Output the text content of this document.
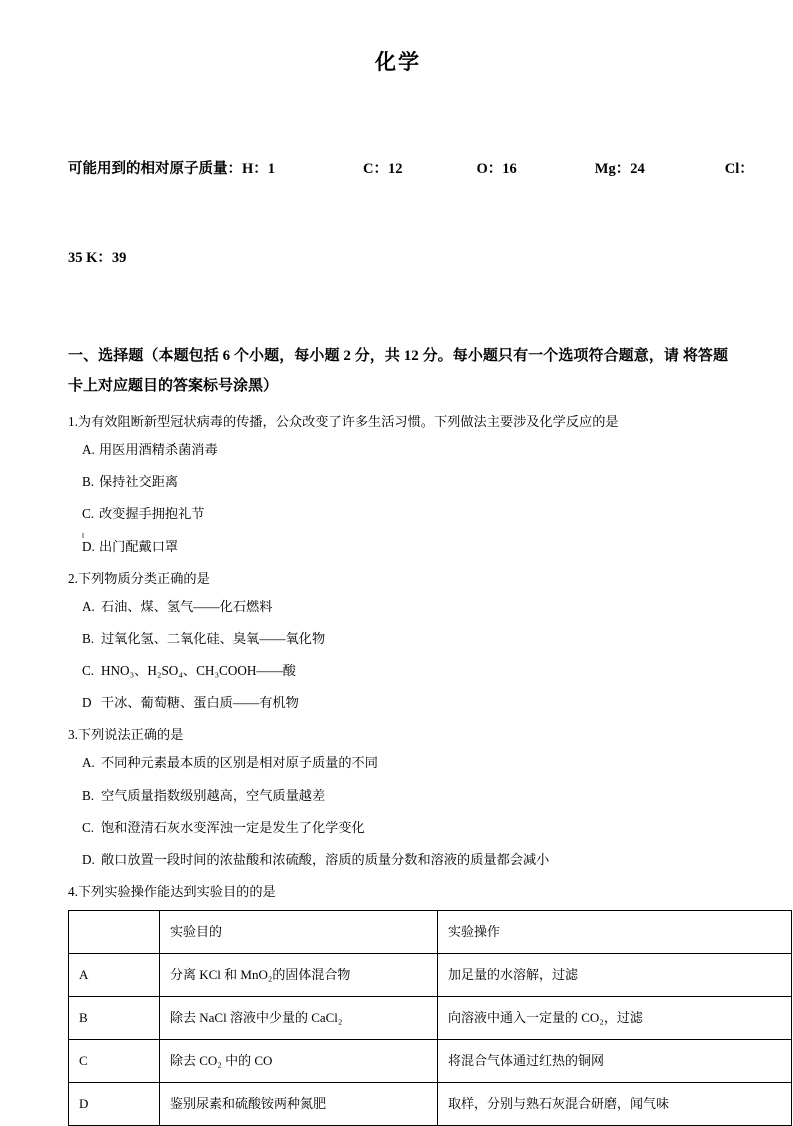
化学

可能用到的相对原子质量：H：1	C：12	O：16	Mg：24	Cl：

35 K：39

一、选择题（本题包括 6 个小题，每小题 2 分，共 12 分。每小题只有一个选项符合题意，请 将答题卡上对应题目的答案标号涂黑）
1.为有效阻断新型冠状病毒的传播，公众改变了许多生活习惯。下列做法主要涉及化学反应的是
A. 用医用酒精杀菌消毒
B. 保持社交距离
C. 改变握手拥抱礼节
D. 出门配戴口罩
2.下列物质分类正确的是
A. 石油、煤、氢气——化石燃料
B. 过氧化氢、二氧化硅、臭氧——氧化物
C. HNO₃、H₂SO₄、CH₃COOH——酸
D 干冰、葡萄糖、蛋白质——有机物
3.下列说法正确的是
A. 不同种元素最本质的区别是相对原子质量的不同
B. 空气质量指数级别越高，空气质量越差
C. 饱和澄清石灰水变浑浊一定是发生了化学变化
D. 敞口放置一段时间的浓盐酸和浓硫酸，溶质的质量分数和溶液的质量都会减小
4.下列实验操作能达到实验目的的是
	实验目的	实验操作
A	分离 KCl 和 MnO₂的固体混合物	加足量的水溶解，过滤
B	除去 NaCl 溶液中少量的 CaCl₂	向溶液中通入一定量的 CO₂，过滤
C	除去 CO₂ 中的 CO	将混合气体通过红热的铜网
D	鉴别尿素和硫酸铵两种氮肥	取样，分别与熟石灰混合研磨，闻气味
